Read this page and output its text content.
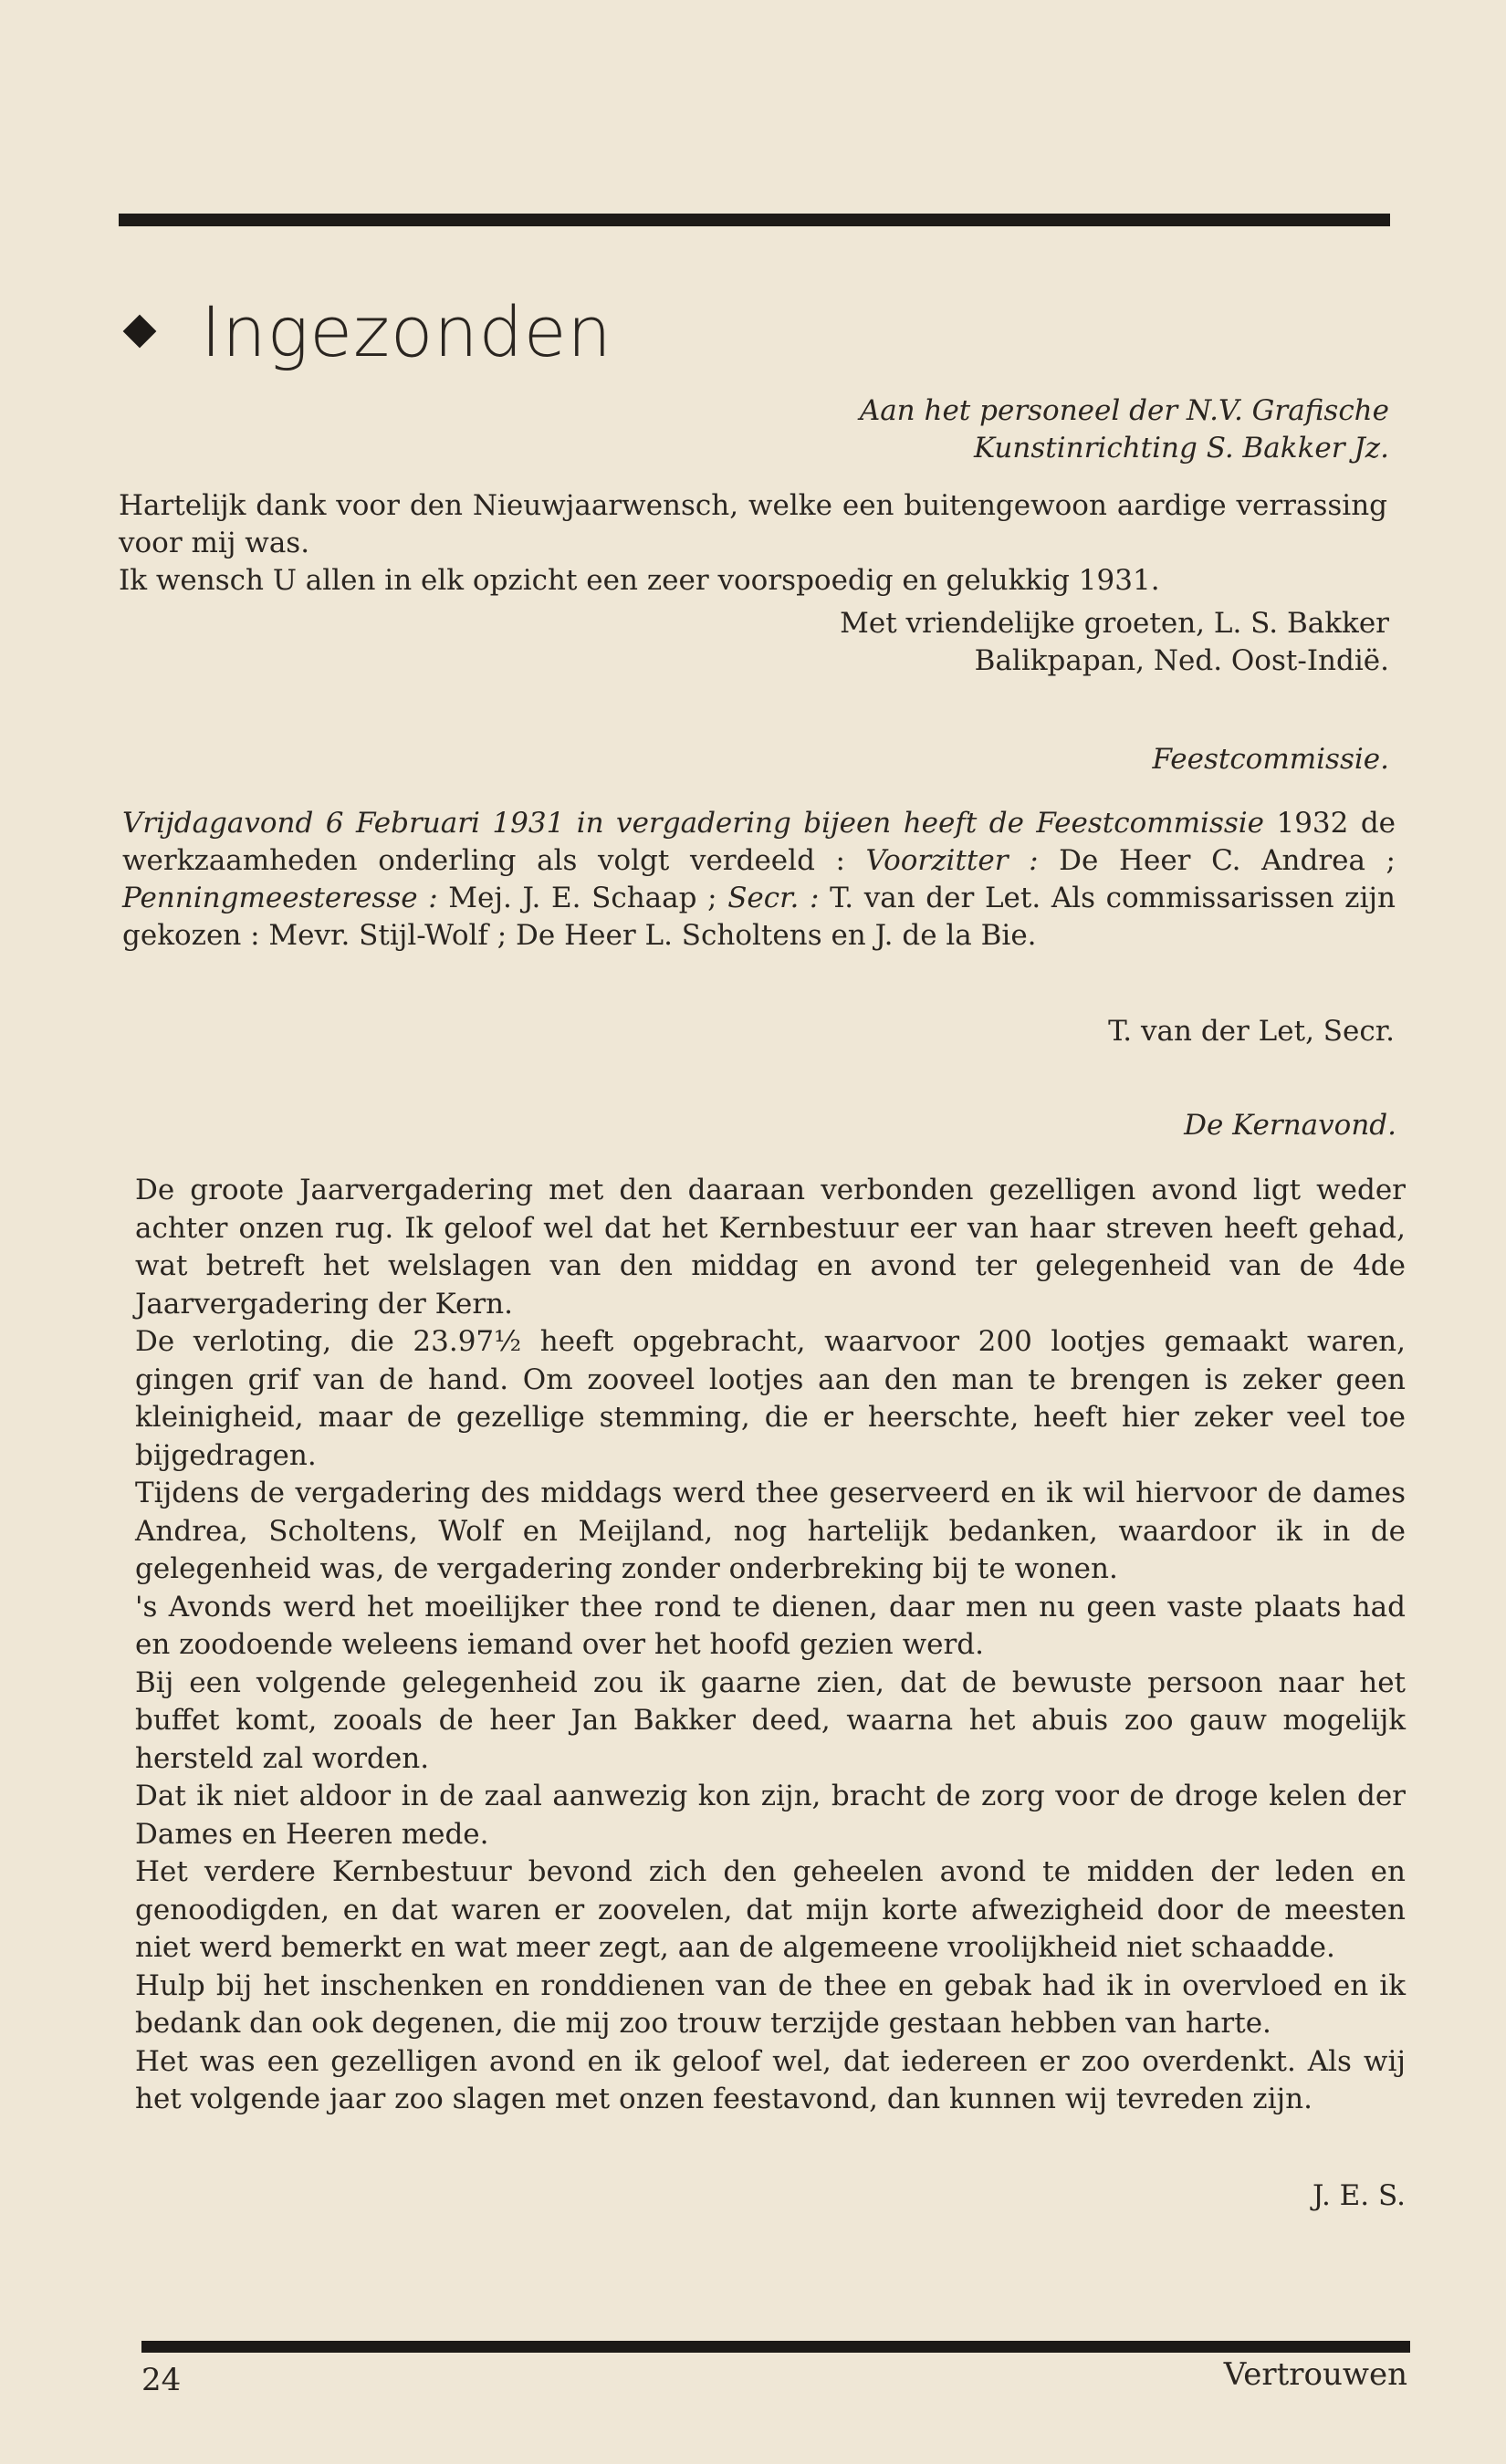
Ingezonden
Aan het personeel der N.V. Grafische
Kunstinrichting S. Bakker Jz.
Hartelijk dank voor den Nieuwjaarwensch, welke een buitengewoon aardige verrassing voor mij was.
Ik wensch U allen in elk opzicht een zeer voorspoedig en gelukkig 1931.
Met vriendelijke groeten, L. S. Bakker
Balikpapan, Ned. Oost-Indië.
Feestcommissie.
Vrijdagavond 6 Februari 1931 in vergadering bijeen heeft de Feestcommissie 1932 de werkzaamheden onderling als volgt verdeeld : Voorzitter : De Heer C. Andrea ; Penningmeesteresse : Mej. J. E. Schaap ; Secr. : T. van der Let. Als commissarissen zijn gekozen : Mevr. Stijl-Wolf ; De Heer L. Scholtens en J. de la Bie.
T. van der Let, Secr.
De Kernavond.

De groote Jaarvergadering met den daaraan verbonden gezelligen avond ligt weder achter onzen rug. Ik geloof wel dat het Kernbestuur eer van haar streven heeft gehad, wat betreft het welslagen van den middag en avond ter gelegenheid van de 4de Jaarvergadering der Kern.

De verloting, die 23.97½ heeft opgebracht, waarvoor 200 lootjes gemaakt waren, gingen grif van de hand. Om zooveel lootjes aan den man te brengen is zeker geen kleinigheid, maar de gezellige stemming, die er heerschte, heeft hier zeker veel toe bijgedragen.

Tijdens de vergadering des middags werd thee geserveerd en ik wil hiervoor de dames Andrea, Scholtens, Wolf en Meijland, nog hartelijk bedanken, waardoor ik in de gelegenheid was, de vergadering zonder onderbreking bij te wonen.

's Avonds werd het moeilijker thee rond te dienen, daar men nu geen vaste plaats had en zoodoende weleens iemand over het hoofd gezien werd.

Bij een volgende gelegenheid zou ik gaarne zien, dat de bewuste persoon naar het buffet komt, zooals de heer Jan Bakker deed, waarna het abuis zoo gauw mogelijk hersteld zal worden.

Dat ik niet aldoor in de zaal aanwezig kon zijn, bracht de zorg voor de droge kelen der Dames en Heeren mede.

Het verdere Kernbestuur bevond zich den geheelen avond te midden der leden en genoodigden, en dat waren er zoovelen, dat mijn korte afwezigheid door de meesten niet werd bemerkt en wat meer zegt, aan de algemeene vroolijkheid niet schaadde.

Hulp bij het inschenken en ronddienen van de thee en gebak had ik in overvloed en ik bedank dan ook degenen, die mij zoo trouw terzijde gestaan hebben van harte.

Het was een gezelligen avond en ik geloof wel, dat iedereen er zoo overdenkt. Als wij het volgende jaar zoo slagen met onzen feestavond, dan kunnen wij tevreden zijn.

J. E. S.
24	Vertrouwen
